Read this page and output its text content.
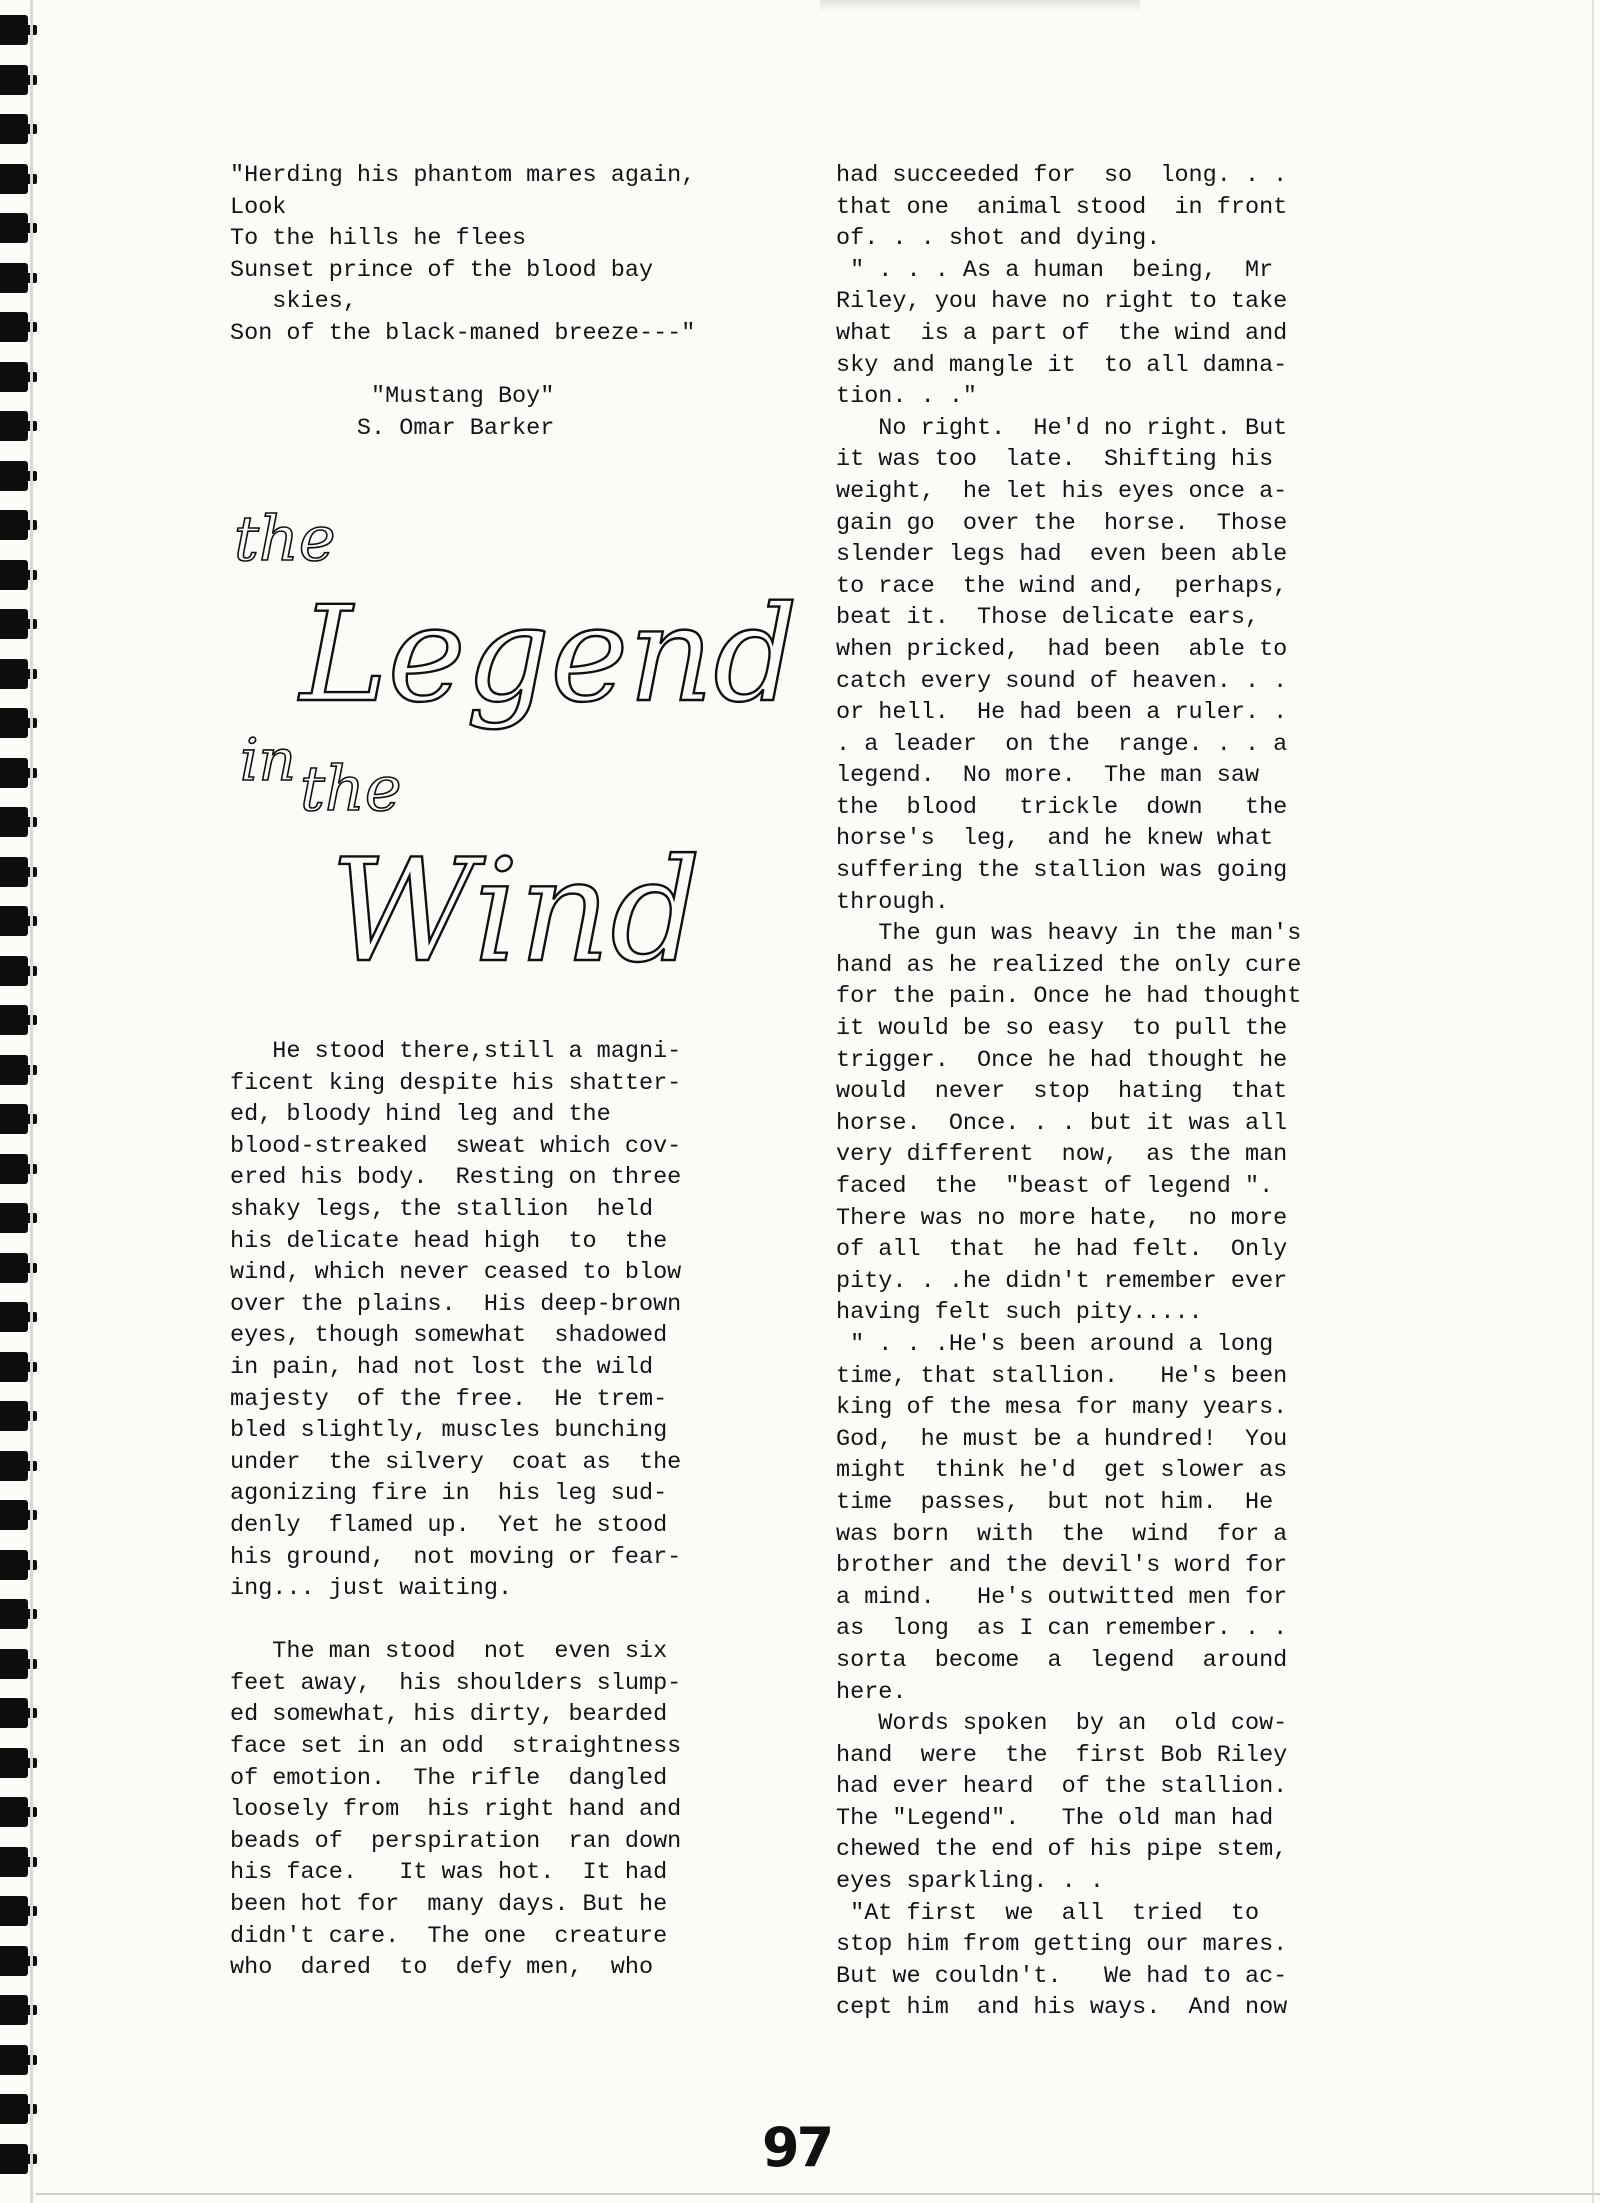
"Herding his phantom mares again,
Look
To the hills he flees
Sunset prince of the blood bay
skies,
Son of the black-maned breeze---"
"Mustang Boy"
S. Omar Barker
the
Legend
in the
Wind
He stood there,still a magni-
ficent king despite his shatter-
ed, bloody hind leg and the
blood-streaked  sweat which cov-
ered his body.  Resting on three
shaky legs, the stallion  held
his delicate head high  to  the
wind, which never ceased to blow
over the plains.  His deep-brown
eyes, though somewhat  shadowed
in pain, had not lost the wild
majesty  of the free.  He trem-
bled slightly, muscles bunching
under  the silvery  coat as  the
agonizing fire in  his leg sud-
denly  flamed up.  Yet he stood
his ground,  not moving or fear-
ing... just waiting.
The man stood  not  even six
feet away,  his shoulders slump-
ed somewhat, his dirty, bearded
face set in an odd  straightness
of emotion.  The rifle  dangled
loosely from  his right hand and
beads of  perspiration  ran down
his face.   It was hot.  It had
been hot for  many days. But he
didn't care.  The one  creature
who  dared  to  defy men,  who
had succeeded for  so  long. . .
that one  animal stood  in front
of. . . shot and dying.
" . . . As a human  being,  Mr
Riley, you have no right to take
what  is a part of  the wind and
sky and mangle it  to all damna-
tion. . ."
No right.  He'd no right. But
it was too  late.  Shifting his
weight,  he let his eyes once a-
gain go  over the  horse.  Those
slender legs had  even been able
to race  the wind and,  perhaps,
beat it.  Those delicate ears,
when pricked,  had been  able to
catch every sound of heaven. . .
or hell.  He had been a ruler. .
. a leader  on the  range. . . a
legend.  No more.  The man saw
the  blood   trickle  down   the
horse's  leg,  and he knew what
suffering the stallion was going
through.
The gun was heavy in the man's
hand as he realized the only cure
for the pain. Once he had thought
it would be so easy  to pull the
trigger.  Once he had thought he
would  never  stop  hating  that
horse.  Once. . . but it was all
very different  now,  as the man
faced  the  "beast of legend ".
There was no more hate,  no more
of all  that  he had felt.  Only
pity. . .he didn't remember ever
having felt such pity.....
" . . .He's been around a long
time, that stallion.   He's been
king of the mesa for many years.
God,  he must be a hundred!  You
might  think he'd  get slower as
time  passes,  but not him.  He
was born  with  the  wind  for a
brother and the devil's word for
a mind.   He's outwitted men for
as  long  as I can remember. . .
sorta  become  a  legend  around
here.
Words spoken  by an  old cow-
hand  were  the  first Bob Riley
had ever heard  of the stallion.
The "Legend".   The old man had
chewed the end of his pipe stem,
eyes sparkling. . .
"At first  we  all  tried  to
stop him from getting our mares.
But we couldn't.   We had to ac-
cept him  and his ways.  And now
97
